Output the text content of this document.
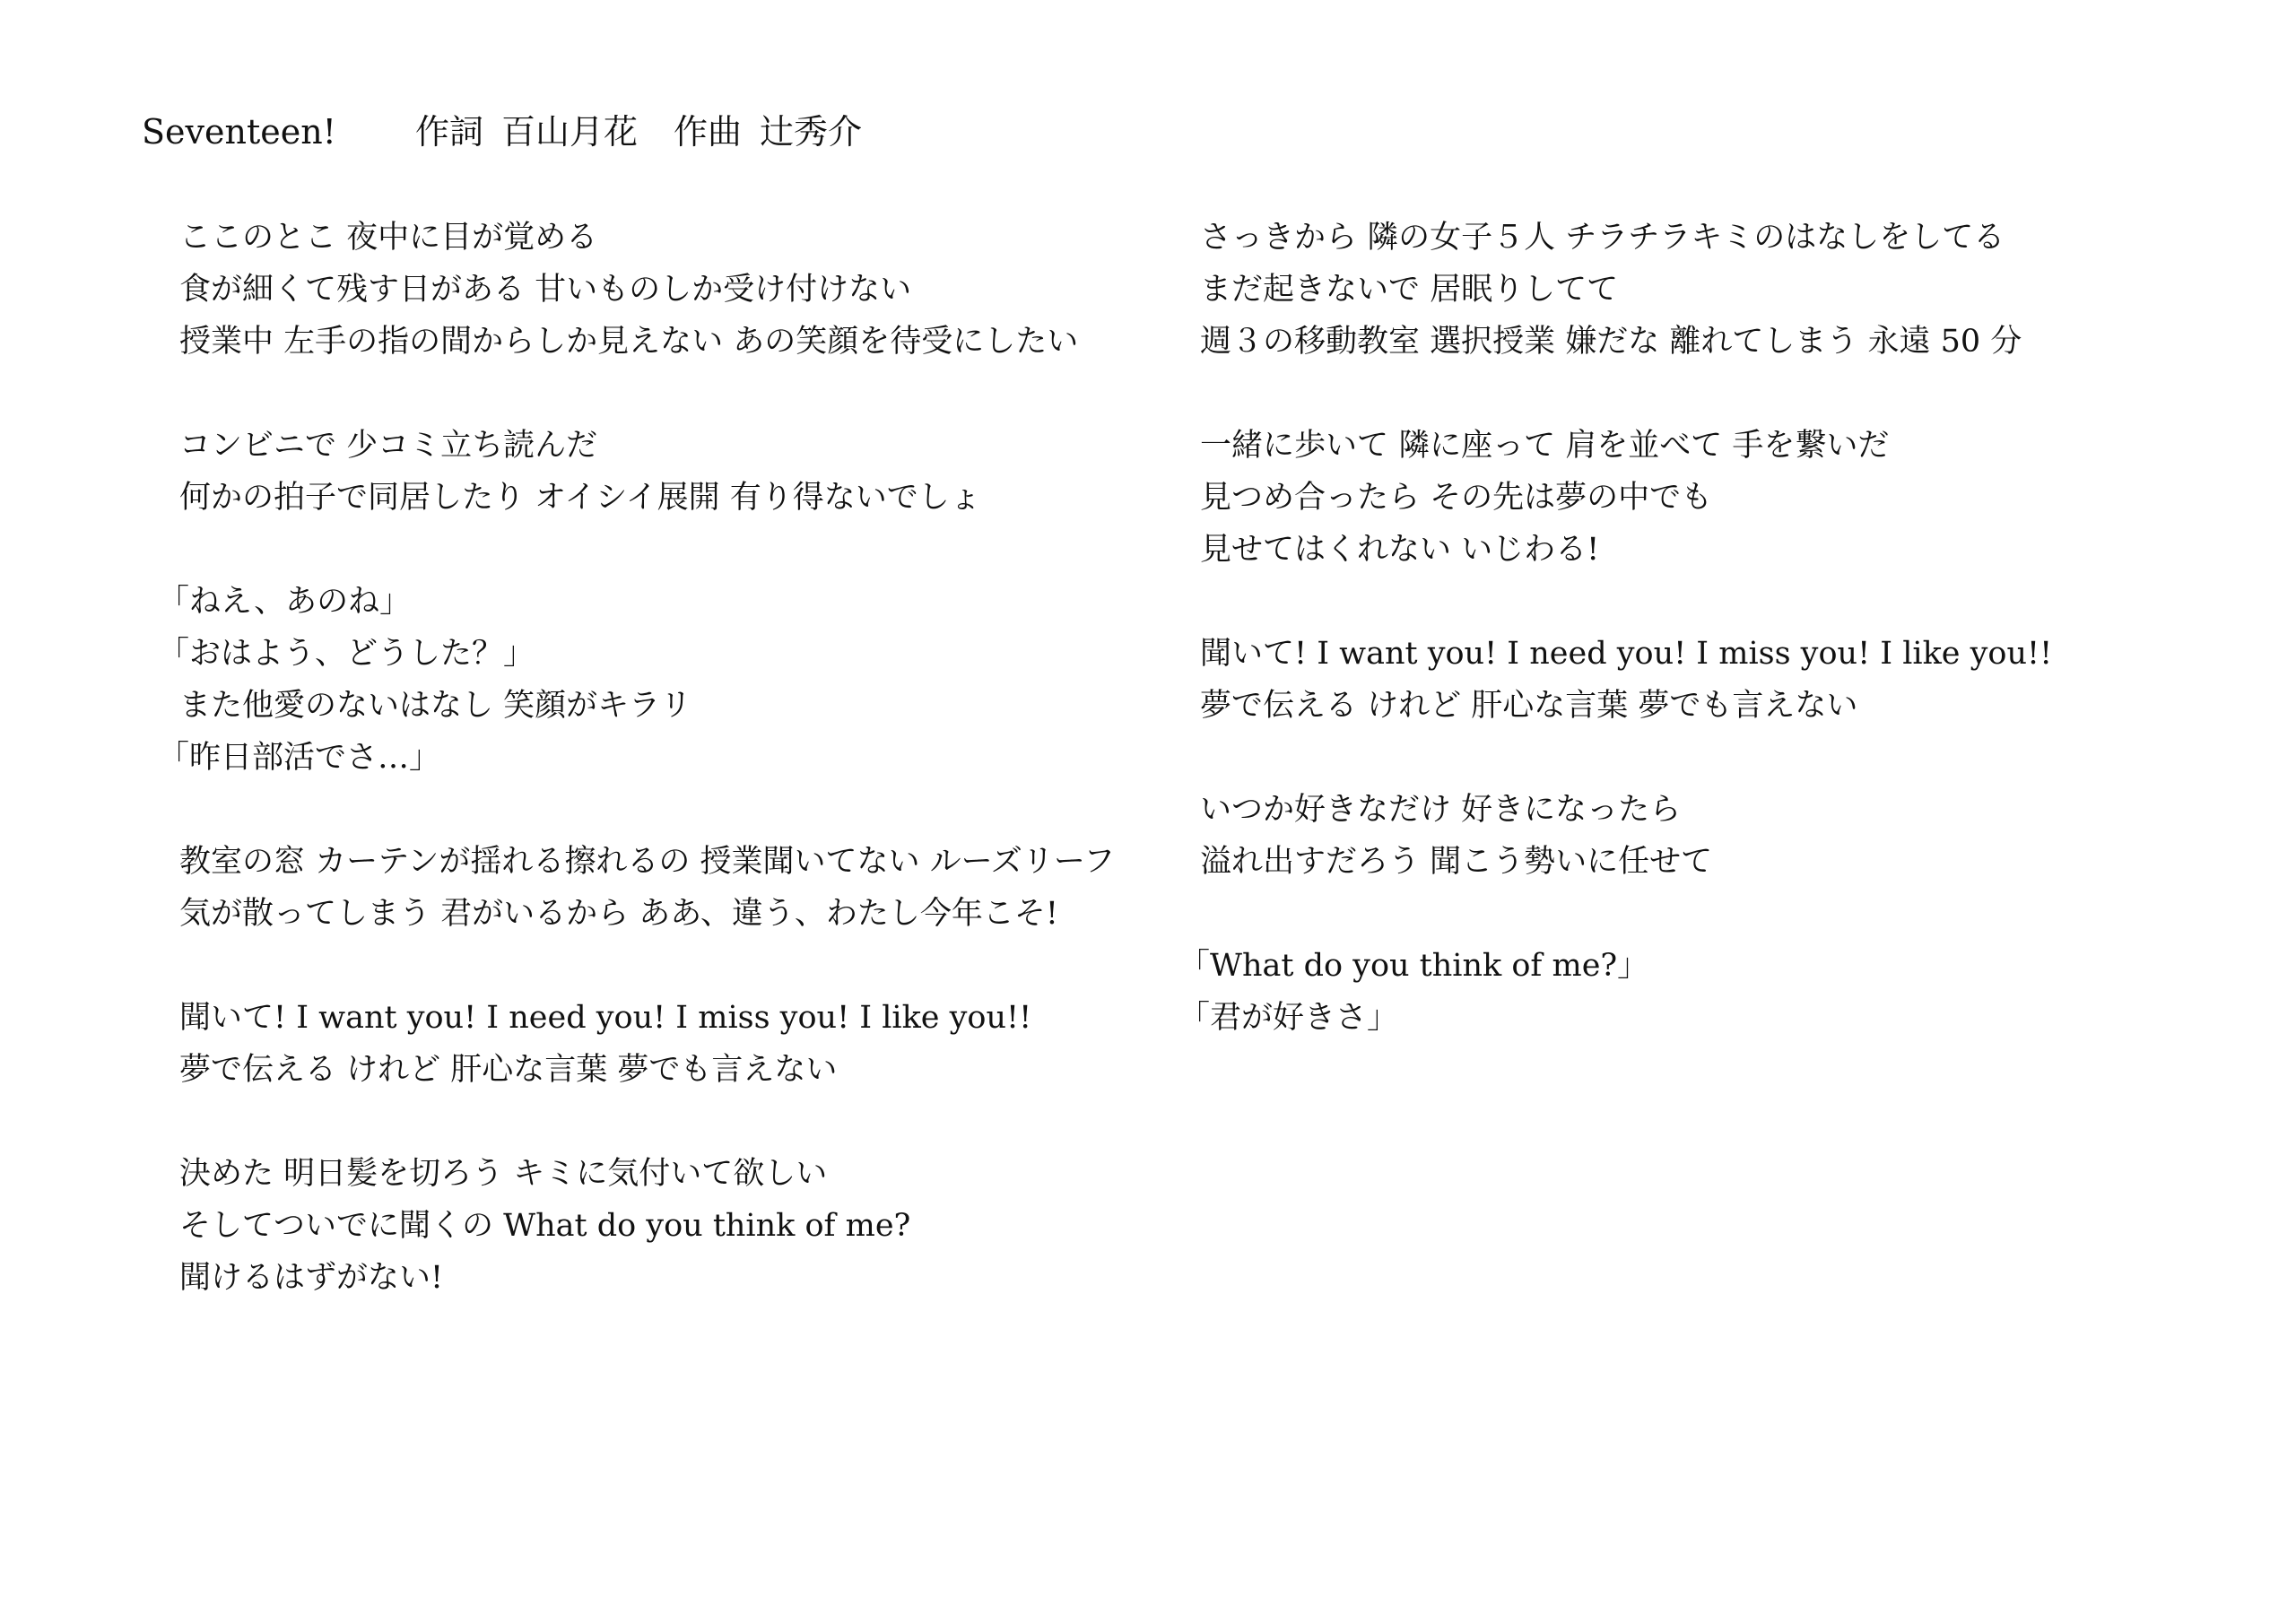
Seventeen! 作詞 百山月花 作曲 辻秀介
ここのとこ 夜中に目が覚める
食が細くて残す日がある 甘いものしか受け付けない
授業中 左手の指の間からしか見えない あの笑顔を待受にしたい
コンビニで 少コミ立ち読んだ
何かの拍子で同居したり オイシイ展開 有り得ないでしょ
「ねえ、あのね」
「おはよう、どうした？」
また他愛のないはなし 笑顔がキラリ
「昨日部活でさ…」
教室の窓 カーテンが揺れる擦れるの 授業聞いてない ルーズリーフ
気が散ってしまう 君がいるから ああ、違う、わたし今年こそ!
聞いて! I want you! I need you! I miss you! I like you!!
夢で伝える けれど 肝心な言葉 夢でも言えない
決めた 明日髪を切ろう キミに気付いて欲しい
そしてついでに聞くの What do you think of me?
聞けるはずがない!
さっきから 隣の女子５人 チラチラキミのはなしをしてる
まだ起きないで 居眠りしてて
週３の移動教室 選択授業 嫌だな 離れてしまう 永遠 50 分
一緒に歩いて 隣に座って 肩を並べて 手を繋いだ
見つめ合ったら その先は夢の中でも
見せてはくれない いじわる!
聞いて! I want you! I need you! I miss you! I like you!!
夢で伝える けれど 肝心な言葉 夢でも言えない
いつか好きなだけ 好きになったら
溢れ出すだろう 聞こう勢いに任せて
「What do you think of me?」
「君が好きさ」
